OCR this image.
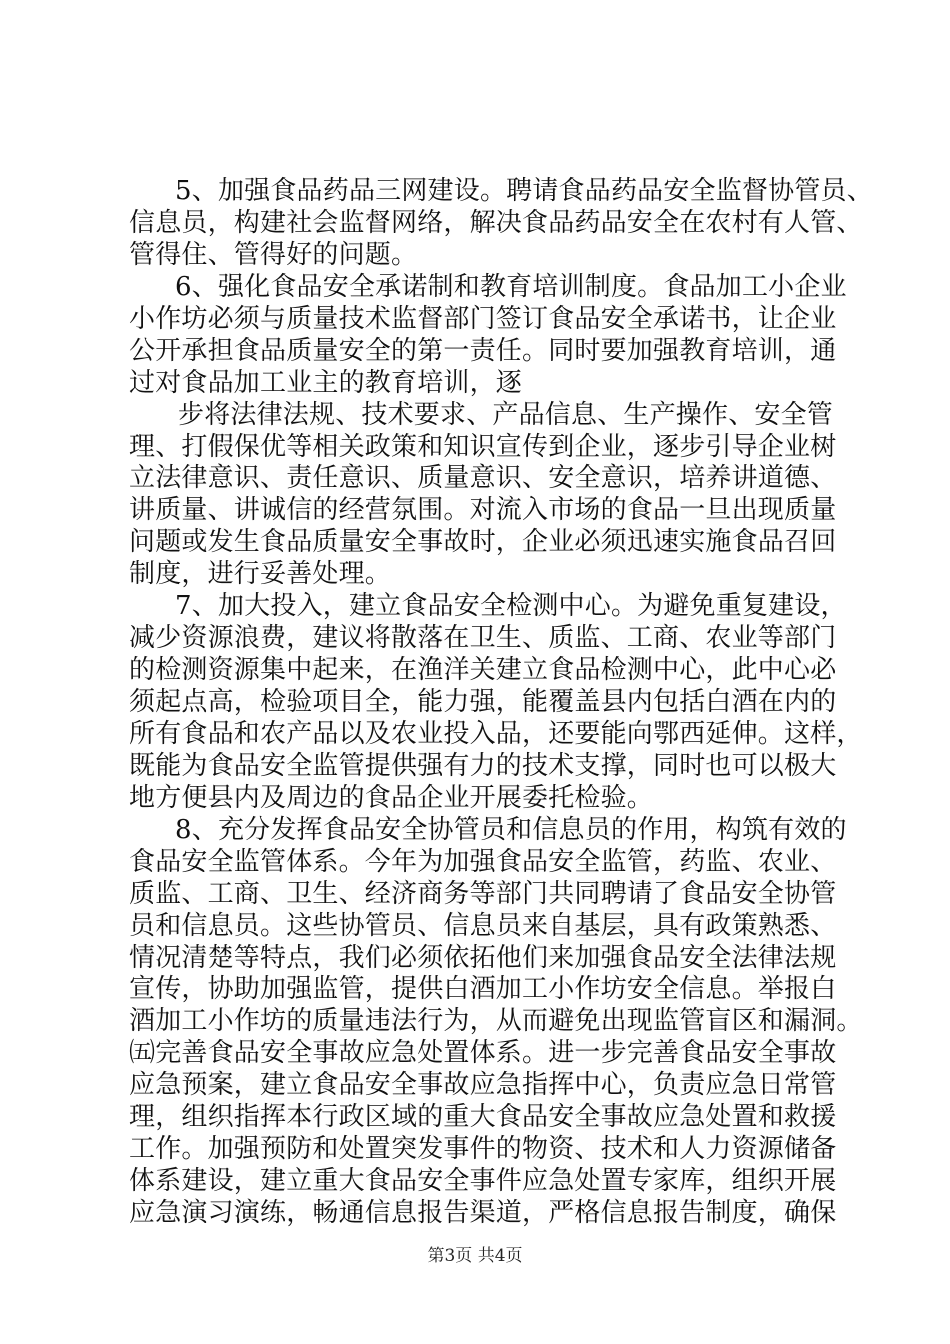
5、加强食品药品三网建设。聘请食品药品安全监督协管员、
信息员，构建社会监督网络，解决食品药品安全在农村有人管、
管得住、管得好的问题。
6、强化食品安全承诺制和教育培训制度。食品加工小企业
小作坊必须与质量技术监督部门签订食品安全承诺书，让企业
公开承担食品质量安全的第一责任。同时要加强教育培训，通
过对食品加工业主的教育培训，逐
步将法律法规、技术要求、产品信息、生产操作、安全管
理、打假保优等相关政策和知识宣传到企业，逐步引导企业树
立法律意识、责任意识、质量意识、安全意识，培养讲道德、
讲质量、讲诚信的经营氛围。对流入市场的食品一旦出现质量
问题或发生食品质量安全事故时，企业必须迅速实施食品召回
制度，进行妥善处理。
7、加大投入，建立食品安全检测中心。为避免重复建设，
减少资源浪费，建议将散落在卫生、质监、工商、农业等部门
的检测资源集中起来，在渔洋关建立食品检测中心，此中心必
须起点高，检验项目全，能力强，能覆盖县内包括白酒在内的
所有食品和农产品以及农业投入品，还要能向鄂西延伸。这样，
既能为食品安全监管提供强有力的技术支撑，同时也可以极大
地方便县内及周边的食品企业开展委托检验。
8、充分发挥食品安全协管员和信息员的作用，构筑有效的
食品安全监管体系。今年为加强食品安全监管，药监、农业、
质监、工商、卫生、经济商务等部门共同聘请了食品安全协管
员和信息员。这些协管员、信息员来自基层，具有政策熟悉、
情况清楚等特点，我们必须依拓他们来加强食品安全法律法规
宣传，协助加强监管，提供白酒加工小作坊安全信息。举报白
酒加工小作坊的质量违法行为，从而避免出现监管盲区和漏洞。
㈤完善食品安全事故应急处置体系。进一步完善食品安全事故
应急预案，建立食品安全事故应急指挥中心，负责应急日常管
理，组织指挥本行政区域的重大食品安全事故应急处置和救援
工作。加强预防和处置突发事件的物资、技术和人力资源储备
体系建设，建立重大食品安全事件应急处置专家库，组织开展
应急演习演练，畅通信息报告渠道，严格信息报告制度，确保
第3页 共4页
